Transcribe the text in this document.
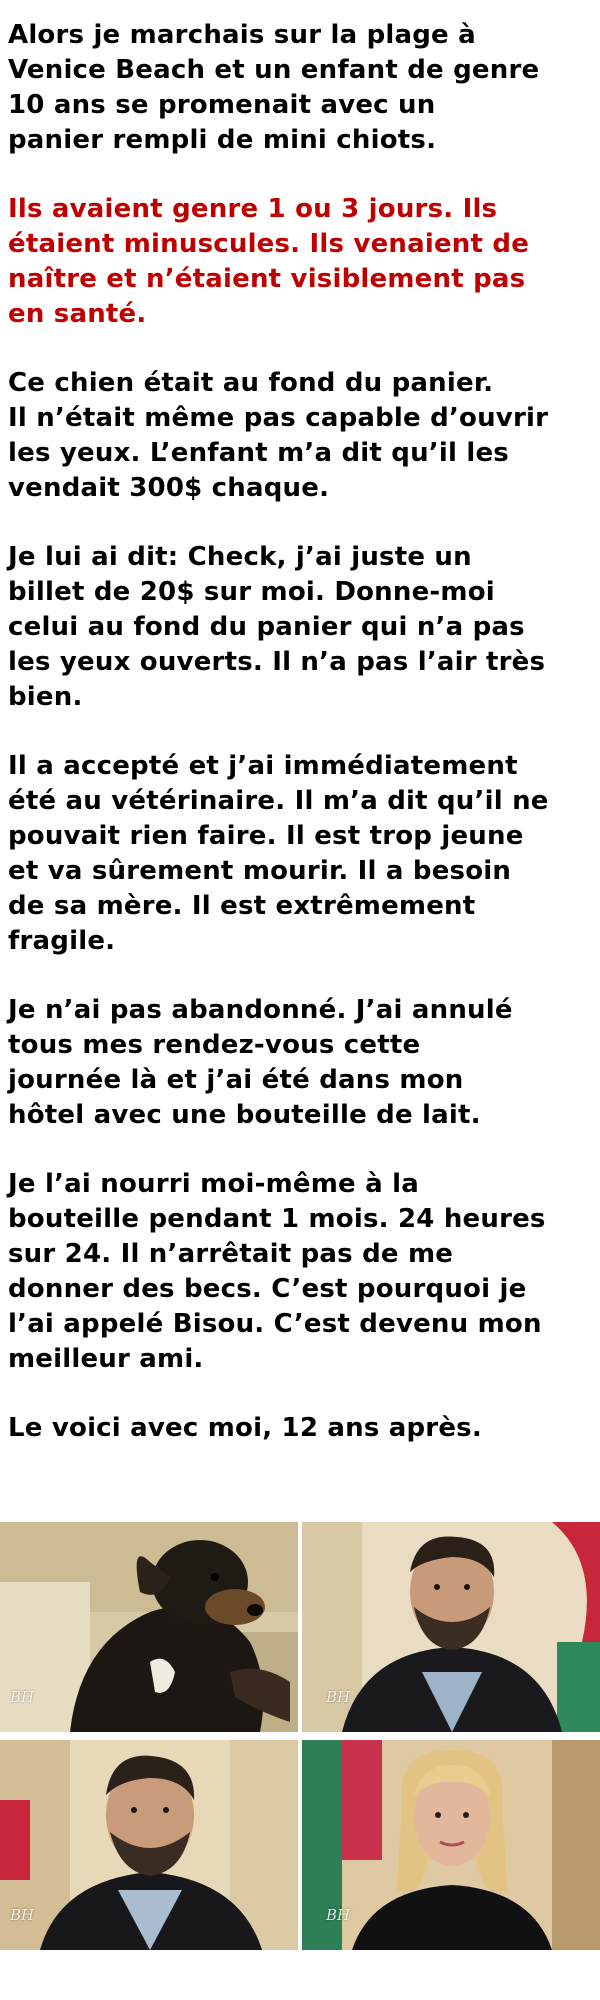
Alors je marchais sur la plage à
Venice Beach et un enfant de genre
10 ans se promenait avec un
panier rempli de mini chiots.

Ils avaient genre 1 ou 3 jours. Ils
étaient minuscules. Ils venaient de
naître et n’étaient visiblement pas
en santé.

Ce chien était au fond du panier.
Il n’était même pas capable d’ouvrir
les yeux. L’enfant m’a dit qu’il les
vendait 300$ chaque.

Je lui ai dit: Check, j’ai juste un
billet de 20$ sur moi. Donne-moi
celui au fond du panier qui n’a pas
les yeux ouverts. Il n’a pas l’air très
bien.

Il a accepté et j’ai immédiatement
été au vétérinaire. Il m’a dit qu’il ne
pouvait rien faire. Il est trop jeune
et va sûrement mourir. Il a besoin
de sa mère. Il est extrêmement
fragile.

Je n’ai pas abandonné. J’ai annulé
tous mes rendez-vous cette
journée là et j’ai été dans mon
hôtel avec une bouteille de lait.

Je l’ai nourri moi-même à la
bouteille pendant 1 mois. 24 heures
sur 24. Il n’arrêtait pas de me
donner des becs. C’est pourquoi je
l’ai appelé Bisou. C’est devenu mon
meilleur ami.

Le voici avec moi, 12 ans après.

BH	BH
BH	BH
